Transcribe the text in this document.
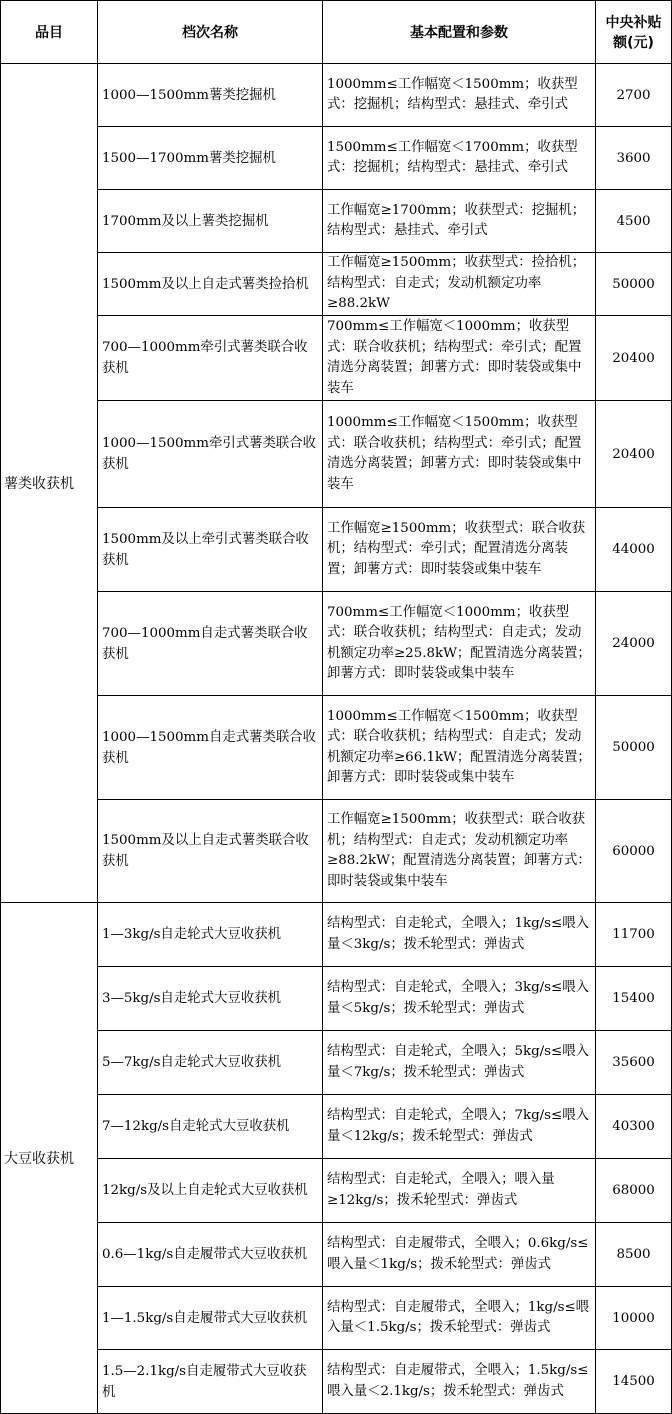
品目	档次名称	基本配置和参数	中央补贴额(元)
薯类收获机	1000—1500mm薯类挖掘机	1000mm≤工作幅宽＜1500mm；收获型式：挖掘机；结构型式：悬挂式、牵引式	2700
	1500—1700mm薯类挖掘机	1500mm≤工作幅宽＜1700mm；收获型式：挖掘机；结构型式：悬挂式、牵引式	3600
	1700mm及以上薯类挖掘机	工作幅宽≥1700mm；收获型式：挖掘机；结构型式：悬挂式、牵引式	4500
	1500mm及以上自走式薯类捡拾机	工作幅宽≥1500mm；收获型式：捡拾机；结构型式：自走式；发动机额定功率≥88.2kW	50000
	700—1000mm牵引式薯类联合收获机	700mm≤工作幅宽＜1000mm；收获型式：联合收获机；结构型式：牵引式；配置清选分离装置；卸薯方式：即时装袋或集中装车	20400
	1000—1500mm牵引式薯类联合收获机	1000mm≤工作幅宽＜1500mm；收获型式：联合收获机；结构型式：牵引式；配置清选分离装置；卸薯方式：即时装袋或集中装车	20400
	1500mm及以上牵引式薯类联合收获机	工作幅宽≥1500mm；收获型式：联合收获机；结构型式：牵引式；配置清选分离装置；卸薯方式：即时装袋或集中装车	44000
	700—1000mm自走式薯类联合收获机	700mm≤工作幅宽＜1000mm；收获型式：联合收获机；结构型式：自走式；发动机额定功率≥25.8kW；配置清选分离装置；卸薯方式：即时装袋或集中装车	24000
	1000—1500mm自走式薯类联合收获机	1000mm≤工作幅宽＜1500mm；收获型式：联合收获机；结构型式：自走式；发动机额定功率≥66.1kW；配置清选分离装置；卸薯方式：即时装袋或集中装车	50000
	1500mm及以上自走式薯类联合收获机	工作幅宽≥1500mm；收获型式：联合收获机；结构型式：自走式；发动机额定功率≥88.2kW；配置清选分离装置；卸薯方式：即时装袋或集中装车	60000
大豆收获机	1—3kg/s自走轮式大豆收获机	结构型式：自走轮式，全喂入；1kg/s≤喂入量＜3kg/s；拨禾轮型式：弹齿式	11700
	3—5kg/s自走轮式大豆收获机	结构型式：自走轮式，全喂入；3kg/s≤喂入量＜5kg/s；拨禾轮型式：弹齿式	15400
	5—7kg/s自走轮式大豆收获机	结构型式：自走轮式，全喂入；5kg/s≤喂入量＜7kg/s；拨禾轮型式：弹齿式	35600
	7—12kg/s自走轮式大豆收获机	结构型式：自走轮式，全喂入；7kg/s≤喂入量＜12kg/s；拨禾轮型式：弹齿式	40300
	12kg/s及以上自走轮式大豆收获机	结构型式：自走轮式，全喂入；喂入量≥12kg/s；拨禾轮型式：弹齿式	68000
	0.6—1kg/s自走履带式大豆收获机	结构型式：自走履带式，全喂入；0.6kg/s≤喂入量＜1kg/s；拨禾轮型式：弹齿式	8500
	1—1.5kg/s自走履带式大豆收获机	结构型式：自走履带式，全喂入；1kg/s≤喂入量＜1.5kg/s；拨禾轮型式：弹齿式	10000
	1.5—2.1kg/s自走履带式大豆收获机	结构型式：自走履带式，全喂入；1.5kg/s≤喂入量＜2.1kg/s；拨禾轮型式：弹齿式	14500
